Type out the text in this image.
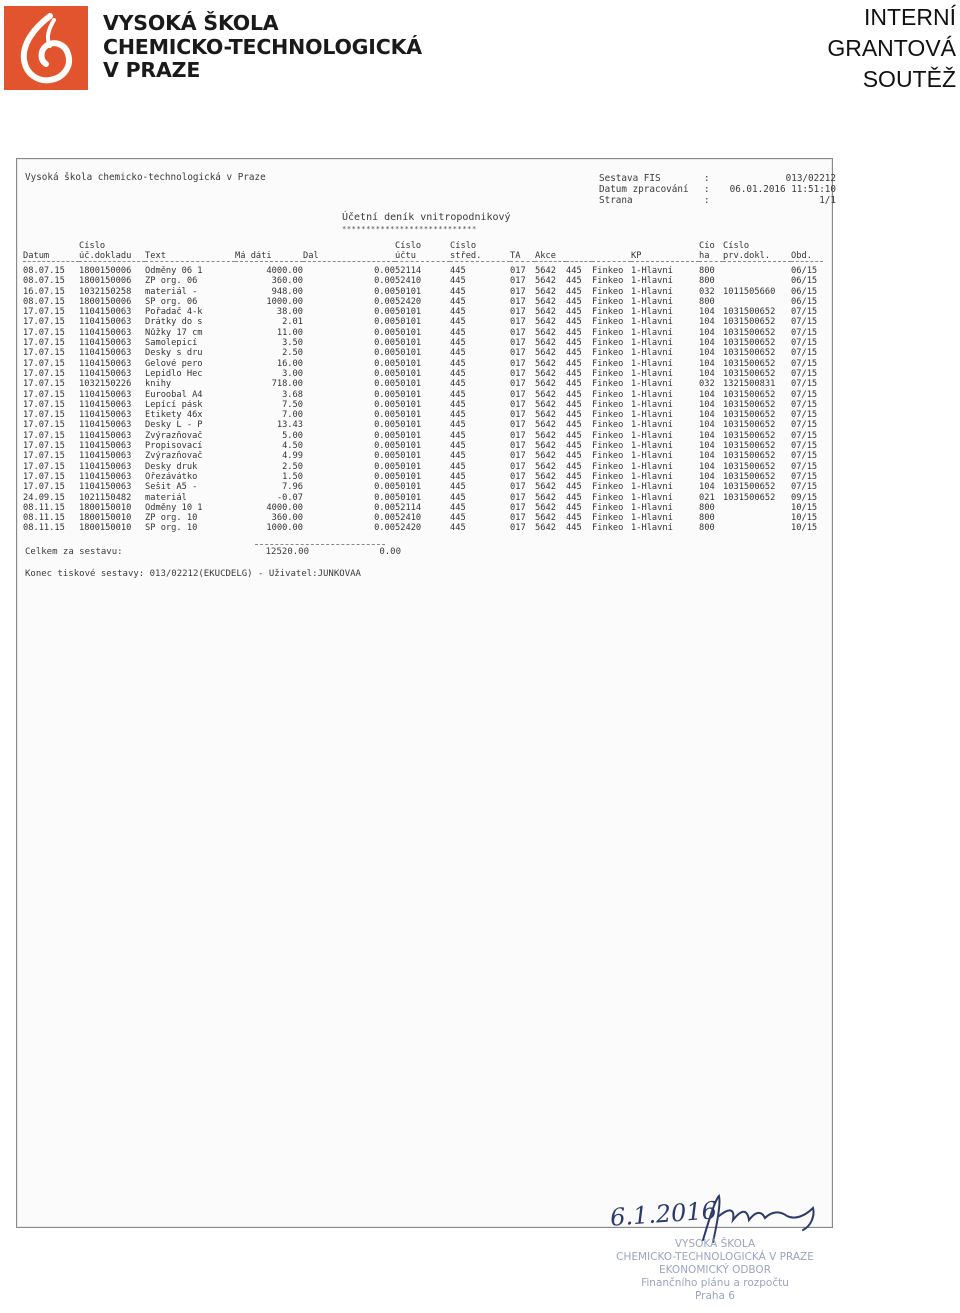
VYSOKÁ ŠKOLA
CHEMICKO-TECHNOLOGICKÁ
V PRAZE
INTERNÍ
GRANTOVÁ
SOUTĚŽ
Vysoká škola chemicko-technologická v Praze	Sestava FIS	:	013/02212
Datum zpracování	:	06.01.2016 11:51:10
Strana	:	1/1
Účetní deník vnitropodnikový
****************************
	Číslo				Číslo	Číslo						Čío	Číslo	
Datum	úč.dokladu	Text	Má dáti	Dal	účtu	střed.	TA	Akce			KP	ha	prv.dokl.	Obd.

08.07.15	1800150006	Odměny 06 1	4000.00	0.00	52114	445	017	5642	445	Finkeo	1-Hlavní	800		06/15
08.07.15	1800150006	ZP org. 06	360.00	0.00	52410	445	017	5642	445	Finkeo	1-Hlavní	800		06/15
16.07.15	1032150258	materiál -	948.00	0.00	50101	445	017	5642	445	Finkeo	1-Hlavní	032	1011505660	06/15
08.07.15	1800150006	SP org. 06	1000.00	0.00	52420	445	017	5642	445	Finkeo	1-Hlavní	800		06/15
17.07.15	1104150063	Pořadač 4-k	38.00	0.00	50101	445	017	5642	445	Finkeo	1-Hlavní	104	1031500652	07/15
17.07.15	1104150063	Drátky do s	2.01	0.00	50101	445	017	5642	445	Finkeo	1-Hlavní	104	1031500652	07/15
17.07.15	1104150063	Nůžky 17 cm	11.00	0.00	50101	445	017	5642	445	Finkeo	1-Hlavní	104	1031500652	07/15
17.07.15	1104150063	Samolepicí	3.50	0.00	50101	445	017	5642	445	Finkeo	1-Hlavní	104	1031500652	07/15
17.07.15	1104150063	Desky s dru	2.50	0.00	50101	445	017	5642	445	Finkeo	1-Hlavní	104	1031500652	07/15
17.07.15	1104150063	Gelové pero	16.00	0.00	50101	445	017	5642	445	Finkeo	1-Hlavní	104	1031500652	07/15
17.07.15	1104150063	Lepidlo Hec	3.00	0.00	50101	445	017	5642	445	Finkeo	1-Hlavní	104	1031500652	07/15
17.07.15	1032150226	knihy	718.00	0.00	50101	445	017	5642	445	Finkeo	1-Hlavní	032	1321500831	07/15
17.07.15	1104150063	Euroobal A4	3.68	0.00	50101	445	017	5642	445	Finkeo	1-Hlavní	104	1031500652	07/15
17.07.15	1104150063	Lepící pásk	7.50	0.00	50101	445	017	5642	445	Finkeo	1-Hlavní	104	1031500652	07/15
17.07.15	1104150063	Etikety 46x	7.00	0.00	50101	445	017	5642	445	Finkeo	1-Hlavní	104	1031500652	07/15
17.07.15	1104150063	Desky L - P	13.43	0.00	50101	445	017	5642	445	Finkeo	1-Hlavní	104	1031500652	07/15
17.07.15	1104150063	Zvýrazňovač	5.00	0.00	50101	445	017	5642	445	Finkeo	1-Hlavní	104	1031500652	07/15
17.07.15	1104150063	Propisovací	4.50	0.00	50101	445	017	5642	445	Finkeo	1-Hlavní	104	1031500652	07/15
17.07.15	1104150063	Zvýrazňovač	4.99	0.00	50101	445	017	5642	445	Finkeo	1-Hlavní	104	1031500652	07/15
17.07.15	1104150063	Desky druk	2.50	0.00	50101	445	017	5642	445	Finkeo	1-Hlavní	104	1031500652	07/15
17.07.15	1104150063	Ořezávátko	1.50	0.00	50101	445	017	5642	445	Finkeo	1-Hlavní	104	1031500652	07/15
17.07.15	1104150063	Sešit A5 -	7.96	0.00	50101	445	017	5642	445	Finkeo	1-Hlavní	104	1031500652	07/15
24.09.15	1021150482	materiál	-0.07	0.00	50101	445	017	5642	445	Finkeo	1-Hlavní	021	1031500652	09/15
08.11.15	1800150010	Odměny 10 1	4000.00	0.00	52114	445	017	5642	445	Finkeo	1-Hlavní	800		10/15
08.11.15	1800150010	ZP org. 10	360.00	0.00	52410	445	017	5642	445	Finkeo	1-Hlavní	800		10/15
08.11.15	1800150010	SP org. 10	1000.00	0.00	52420	445	017	5642	445	Finkeo	1-Hlavní	800		10/15
Celkem za sestavu:	12520.00	0.00
Konec tiskové sestavy: 013/02212(EKUCDELG) - Uživatel:JUNKOVAA
6.1.2016
VYSOKÁ ŠKOLA
CHEMICKO-TECHNOLOGICKÁ V PRAZE
EKONOMICKÝ ODBOR
Finančního plánu a rozpočtu
Praha 6
